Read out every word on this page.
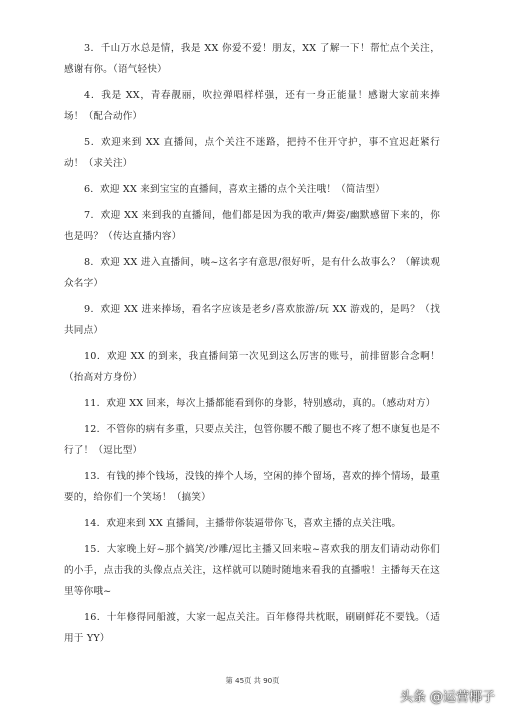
3．千山万水总是情，我是 XX 你爱不爱！朋友，XX 了解一下！帮忙点个关注，感谢有你。（语气轻快）

4．我是 XX，青春靓丽，吹拉弹唱样样强，还有一身正能量！感谢大家前来捧场！（配合动作）

5．欢迎来到 XX 直播间，点个关注不迷路，把持不住开守护，事不宜迟赶紧行动！（求关注）

6．欢迎 XX 来到宝宝的直播间，喜欢主播的点个关注哦！（简洁型）

7．欢迎 XX 来到我的直播间，他们都是因为我的歌声/舞姿/幽默感留下来的，你也是吗？（传达直播内容）

8．欢迎 XX 进入直播间，咦~这名字有意思/很好听，是有什么故事么？（解读观众名字）

9．欢迎 XX 进来捧场，看名字应该是老乡/喜欢旅游/玩 XX 游戏的，是吗？（找共同点）

10．欢迎 XX 的到来，我直播间第一次见到这么厉害的账号，前排留影合念啊！（抬高对方身份）

11．欢迎 XX 回来，每次上播都能看到你的身影，特别感动，真的。（感动对方）

12．不管你的病有多重，只要点关注，包管你腰不酸了腿也不疼了想不康复也是不行了！（逗比型）

13．有钱的捧个钱场，没钱的捧个人场，空闲的捧个留场，喜欢的捧个情场，最重要的，给你们一个笑场！（搞笑）

14．欢迎来到 XX 直播间，主播带你装逼带你飞，喜欢主播的点关注哦。

15．大家晚上好~那个搞笑/沙雕/逗比主播又回来啦~喜欢我的朋友们请动动你们的小手，点击我的头像点点关注，这样就可以随时随地来看我的直播啦！主播每天在这里等你哦~

16．十年修得同船渡，大家一起点关注。百年修得共枕眠，刷刷鲜花不要钱。（适用于 YY）

第 45页 共 90页
头条 @运营椰子
